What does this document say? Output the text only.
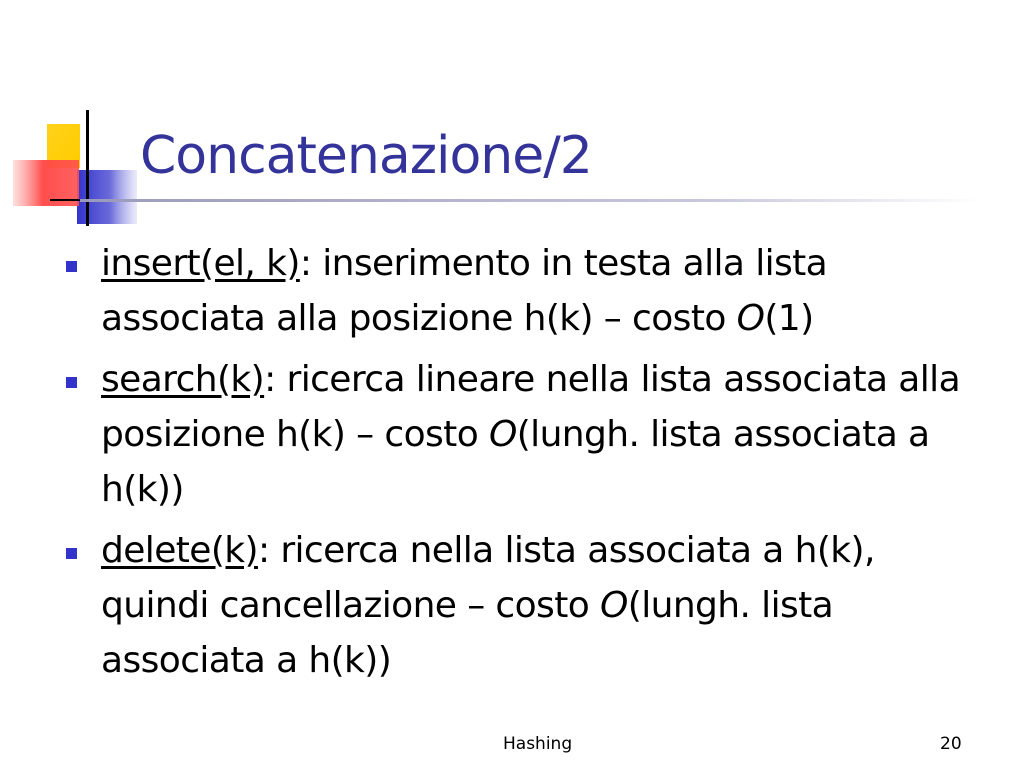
Concatenazione/2
insert(el, k): inserimento in testa alla lista associata alla posizione h(k) – costo O(1)
search(k): ricerca lineare nella lista associata alla posizione h(k) – costo O(lungh. lista associata a h(k))
delete(k): ricerca nella lista associata a h(k), quindi cancellazione – costo O(lungh. lista associata a h(k))
Hashing	20
